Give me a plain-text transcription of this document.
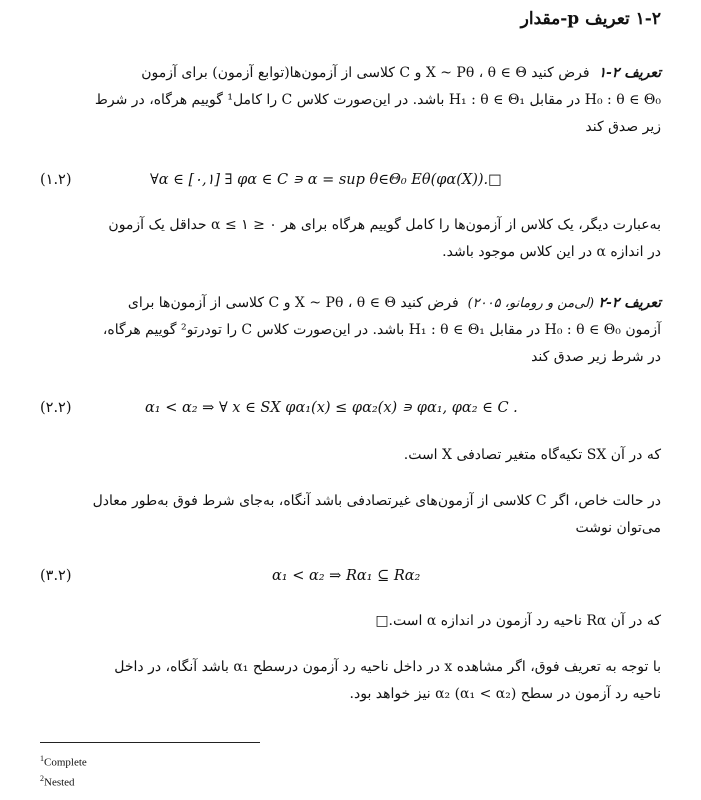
۱-۲ تعریف p-مقدار
تعریف ۲-۱  فرض کنید X ~ Pθ ، θ ∈ Θ و C کلاسی از آزمون‌ها(توابع آزمون) برای آزمون
H₀ : θ ∈ Θ₀ در مقابل H₁ : θ ∈ Θ₁ باشد. در این‌صورت کلاس C را کامل¹ گوییم هرگاه، در شرط
زیر صدق کند
∀α ∈ [۰,۱] ∃ φα ∈ C ∍ α = sup θ∈Θ₀ Eθ(φα(X)).□
(۱.۲)
به‌عبارت دیگر، یک کلاس از آزمون‌ها را کامل گوییم هرگاه برای هر ۰ ≤ α ≤ ۱ حداقل یک آزمون
در اندازه α در این کلاس موجود باشد.
تعریف ۲-۲ (لی‌من و رومانو، ۲۰۰۵)  فرض کنید X ~ Pθ ، θ ∈ Θ و C کلاسی از آزمون‌ها برای
آزمون H₀ : θ ∈ Θ₀ در مقابل H₁ : θ ∈ Θ₁ باشد. در این‌صورت کلاس C را تودرتو² گوییم هرگاه،
در شرط زیر صدق کند
α₁ < α₂ ⇒ ∀ x ∈ SX φα₁(x) ≤ φα₂(x) ∍ φα₁, φα₂ ∈ C .
(۲.۲)
که در آن SX تکیه‌گاه متغیر تصادفی X است.
در حالت خاص، اگر C کلاسی از آزمون‌های غیرتصادفی باشد آنگاه، به‌جای شرط فوق به‌طور معادل
می‌توان نوشت
α₁ < α₂ ⇒ Rα₁ ⊆ Rα₂
(۳.۲)
که در آن Rα ناحیه رد آزمون در اندازه α است.□
با توجه به تعریف فوق، اگر مشاهده x در داخل ناحیه رد آزمون درسطح α₁ باشد آنگاه، در داخل
ناحیه رد آزمون در سطح α₂ (α₁ < α₂) نیز خواهد بود.
$^1$Complete
$^2$Nested
